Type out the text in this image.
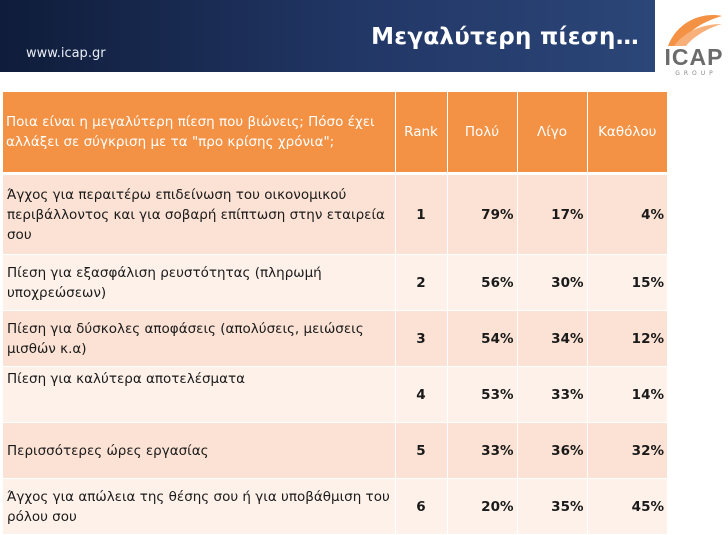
www.icap.gr
Μεγαλύτερη πίεση…
ICAP
GROUP
Ποια είναι η μεγαλύτερη πίεση που βιώνεις; Πόσο έχει αλλάξει σε σύγκριση με τα "προ κρίσης χρόνια";	Rank	Πολύ	Λίγο	Καθόλου
Άγχος για περαιτέρω επιδείνωση του οικονομικού περιβάλλοντος και για σοβαρή επίπτωση στην εταιρεία σου	1	79%	17%	4%
Πίεση για εξασφάλιση ρευστότητας (πληρωμή υποχρεώσεων)	2	56%	30%	15%
Πίεση για δύσκολες αποφάσεις (απολύσεις, μειώσεις μισθών κ.α)	3	54%	34%	12%
Πίεση για καλύτερα αποτελέσματα	4	53%	33%	14%
Περισσότερες ώρες εργασίας	5	33%	36%	32%
Άγχος για απώλεια της θέσης σου ή για υποβάθμιση του ρόλου σου	6	20%	35%	45%
